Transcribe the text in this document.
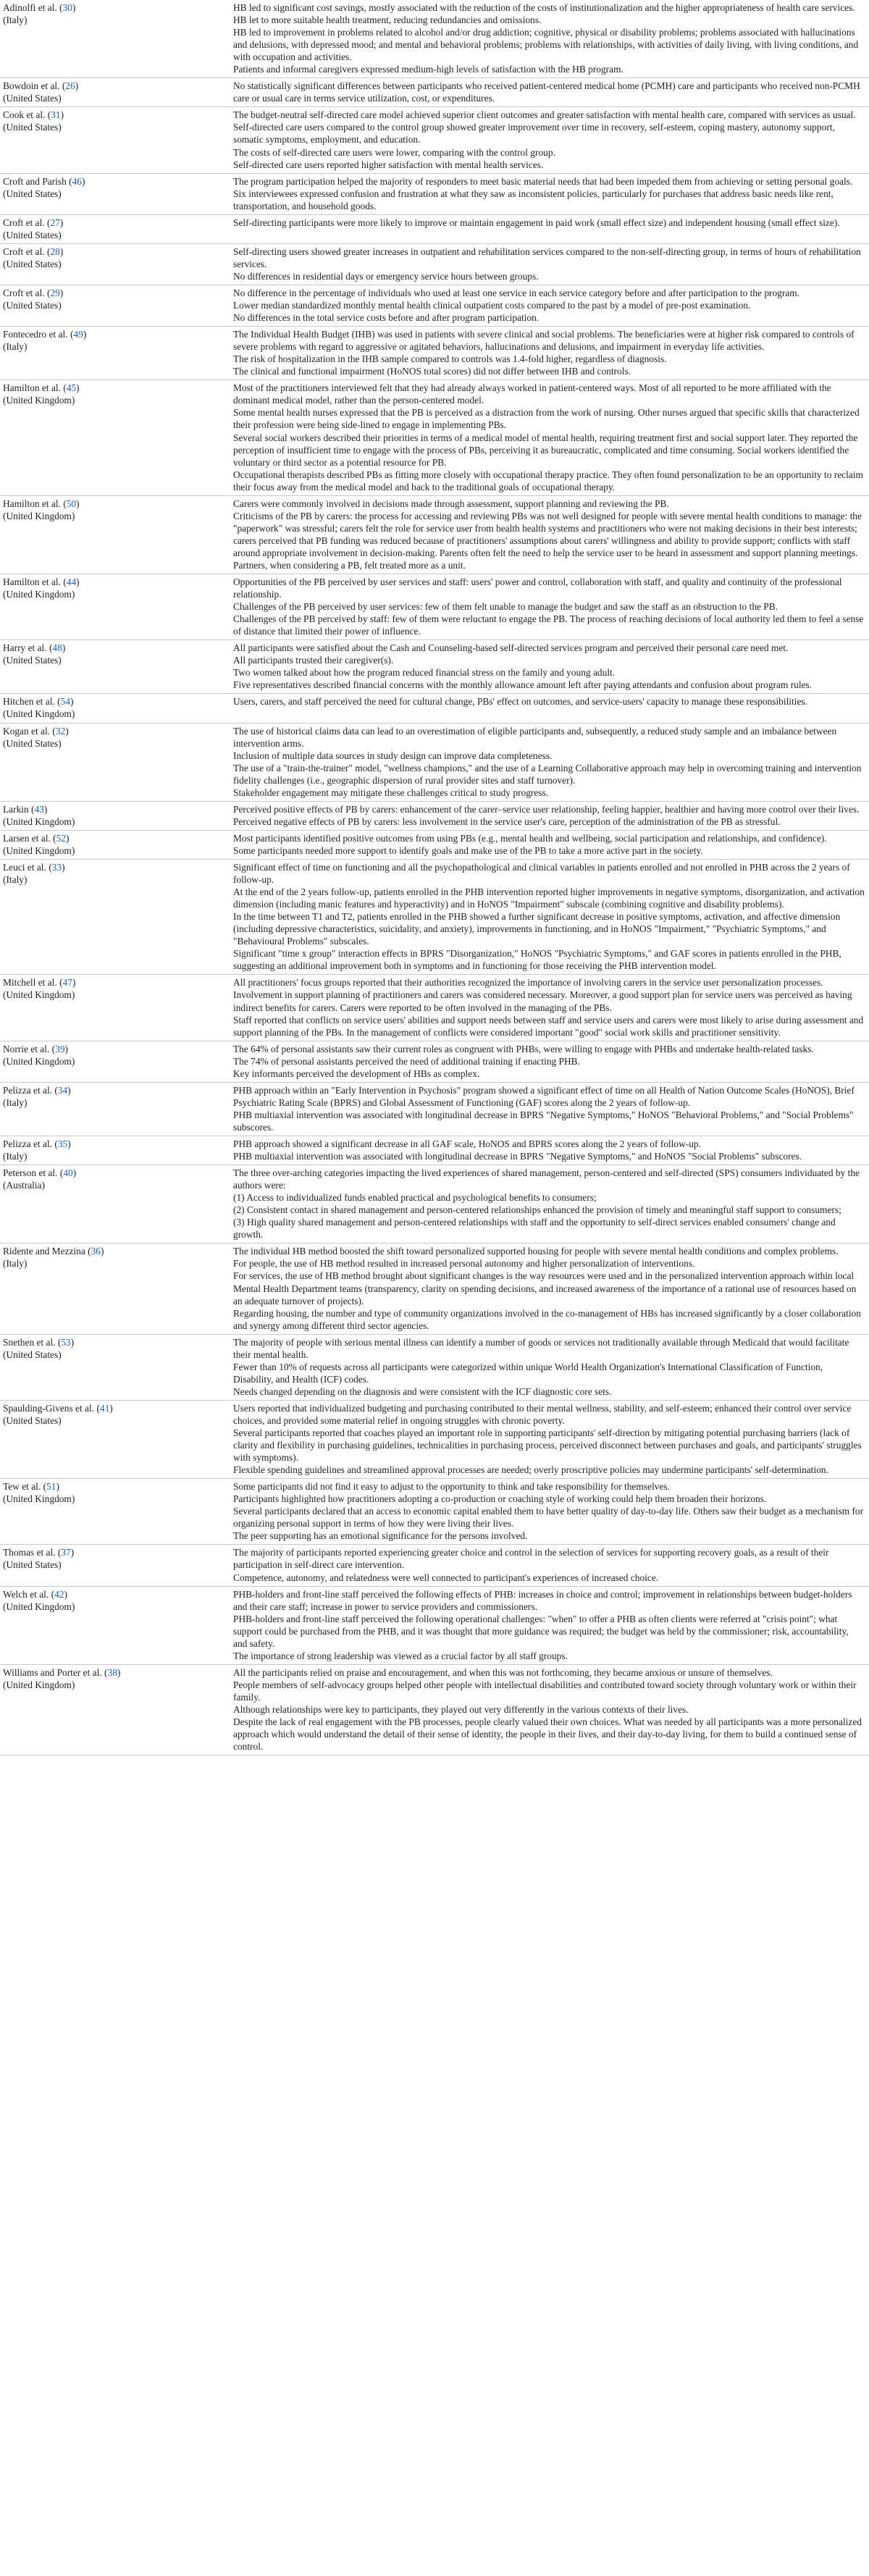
Adinolfi et al. (30)
(Italy)	HB led to significant cost savings, mostly associated with the reduction of the costs of institutionalization and the higher appropriateness of health care services. HB let to more suitable health treatment, reducing redundancies and omissions.
HB led to improvement in problems related to alcohol and/or drug addiction; cognitive, physical or disability problems; problems associated with hallucinations and delusions, with depressed mood; and mental and behavioral problems; problems with relationships, with activities of daily living, with living conditions, and with occupation and activities.
Patients and informal caregivers expressed medium-high levels of satisfaction with the HB program.

Bowdoin et al. (26)
(United States)	No statistically significant differences between participants who received patient-centered medical home (PCMH) care and participants who received non-PCMH care or usual care in terms service utilization, cost, or expenditures.

Cook et al. (31)
(United States)	The budget-neutral self-directed care model achieved superior client outcomes and greater satisfaction with mental health care, compared with services as usual. Self-directed care users compared to the control group showed greater improvement over time in recovery, self-esteem, coping mastery, autonomy support, somatic symptoms, employment, and education.
The costs of self-directed care users were lower, comparing with the control group.
Self-directed care users reported higher satisfaction with mental health services.

Croft and Parish (46)
(United States)	The program participation helped the majority of responders to meet basic material needs that had been impeded them from achieving or setting personal goals.
Six interviewees expressed confusion and frustration at what they saw as inconsistent policies, particularly for purchases that address basic needs like rent, transportation, and household goods.

Croft et al. (27)
(United States)	Self-directing participants were more likely to improve or maintain engagement in paid work (small effect size) and independent housing (small effect size).

Croft et al. (28)
(United States)	Self-directing users showed greater increases in outpatient and rehabilitation services compared to the non-self-directing group, in terms of hours of rehabilitation services.
No differences in residential days or emergency service hours between groups.

Croft et al. (29)
(United States)	No difference in the percentage of individuals who used at least one service in each service category before and after participation to the program.
Lower median standardized monthly mental health clinical outpatient costs compared to the past by a model of pre-post examination.
No differences in the total service costs before and after program participation.

Fontecedro et al. (49)
(Italy)	The Individual Health Budget (IHB) was used in patients with severe clinical and social problems. The beneficiaries were at higher risk compared to controls of severe problems with regard to aggressive or agitated behaviors, hallucinations and delusions, and impairment in everyday life activities.
The risk of hospitalization in the IHB sample compared to controls was 1.4-fold higher, regardless of diagnosis.
The clinical and functional impairment (HoNOS total scores) did not differ between IHB and controls.

Hamilton et al. (45)
(United Kingdom)	Most of the practitioners interviewed felt that they had already always worked in patient-centered ways. Most of all reported to be more affiliated with the dominant medical model, rather than the person-centered model.
Some mental health nurses expressed that the PB is perceived as a distraction from the work of nursing. Other nurses argued that specific skills that characterized their profession were being side-lined to engage in implementing PBs.
Several social workers described their priorities in terms of a medical model of mental health, requiring treatment first and social support later. They reported the perception of insufficient time to engage with the process of PBs, perceiving it as bureaucratic, complicated and time consuming. Social workers identified the voluntary or third sector as a potential resource for PB.
Occupational therapists described PBs as fitting more closely with occupational therapy practice. They often found personalization to be an opportunity to reclaim their focus away from the medical model and back to the traditional goals of occupational therapy.

Hamilton et al. (50)
(United Kingdom)	Carers were commonly involved in decisions made through assessment, support planning and reviewing the PB.
Criticisms of the PB by carers: the process for accessing and reviewing PBs was not well designed for people with severe mental health conditions to manage: the "paperwork" was stressful; carers felt the role for service user from health health systems and practitioners who were not making decisions in their best interests; carers perceived that PB funding was reduced because of practitioners' assumptions about carers' willingness and ability to provide support; conflicts with staff around appropriate involvement in decision-making. Parents often felt the need to help the service user to be heard in assessment and support planning meetings. Partners, when considering a PB, felt treated more as a unit.

Hamilton et al. (44)
(United Kingdom)	Opportunities of the PB perceived by user services and staff: users' power and control, collaboration with staff, and quality and continuity of the professional relationship.
Challenges of the PB perceived by user services: few of them felt unable to manage the budget and saw the staff as an obstruction to the PB.
Challenges of the PB perceived by staff: few of them were reluctant to engage the PB. The process of reaching decisions of local authority led them to feel a sense of distance that limited their power of influence.

Harry et al. (48)
(United States)	All participants were satisfied about the Cash and Counseling-based self-directed services program and perceived their personal care need met.
All participants trusted their caregiver(s).
Two women talked about how the program reduced financial stress on the family and young adult.
Five representatives described financial concerns with the monthly allowance amount left after paying attendants and confusion about program rules.

Hitchen et al. (54)
(United Kingdom)	Users, carers, and staff perceived the need for cultural change, PBs' effect on outcomes, and service-users' capacity to manage these responsibilities.

Kogan et al. (32)
(United States)	The use of historical claims data can lead to an overestimation of eligible participants and, subsequently, a reduced study sample and an imbalance between intervention arms.
Inclusion of multiple data sources in study design can improve data completeness.
The use of a "train-the-trainer" model, "wellness champions," and the use of a Learning Collaborative approach may help in overcoming training and intervention fidelity challenges (i.e., geographic dispersion of rural provider sites and staff turnover).
Stakeholder engagement may mitigate these challenges critical to study progress.

Larkin (43)
(United Kingdom)	Perceived positive effects of PB by carers: enhancement of the carer–service user relationship, feeling happier, healthier and having more control over their lives.
Perceived negative effects of PB by carers: less involvement in the service user's care, perception of the administration of the PB as stressful.

Larsen et al. (52)
(United Kingdom)	Most participants identified positive outcomes from using PBs (e.g., mental health and wellbeing, social participation and relationships, and confidence).
Some participants needed more support to identify goals and make use of the PB to take a more active part in the society.

Leuci et al. (33)
(Italy)	Significant effect of time on functioning and all the psychopathological and clinical variables in patients enrolled and not enrolled in PHB across the 2 years of follow-up.
At the end of the 2 years follow-up, patients enrolled in the PHB intervention reported higher improvements in negative symptoms, disorganization, and activation dimension (including manic features and hyperactivity) and in HoNOS "Impairment" subscale (combining cognitive and disability problems).
In the time between T1 and T2, patients enrolled in the PHB showed a further significant decrease in positive symptoms, activation, and affective dimension (including depressive characteristics, suicidality, and anxiety), improvements in functioning, and in HoNOS "Impairment," "Psychiatric Symptoms," and "Behavioural Problems" subscales.
Significant "time x group" interaction effects in BPRS "Disorganization," HoNOS "Psychiatric Symptoms," and GAF scores in patients enrolled in the PHB, suggesting an additional improvement both in symptoms and in functioning for those receiving the PHB intervention model.

Mitchell et al. (47)
(United Kingdom)	All practitioners' focus groups reported that their authorities recognized the importance of involving carers in the service user personalization processes. Involvement in support planning of practitioners and carers was considered necessary. Moreover, a good support plan for service users was perceived as having indirect benefits for carers. Carers were reported to be often involved in the managing of the PBs.
Staff reported that conflicts on service users' abilities and support needs between staff and service users and carers were most likely to arise during assessment and support planning of the PBs. In the management of conflicts were considered important "good" social work skills and practitioner sensitivity.

Norrie et al. (39)
(United Kingdom)	The 64% of personal assistants saw their current roles as congruent with PHBs, were willing to engage with PHBs and undertake health-related tasks.
The 74% of personal assistants perceived the need of additional training if enacting PHB.
Key informants perceived the development of HBs as complex.

Pelizza et al. (34)
(Italy)	PHB approach within an "Early Intervention in Psychosis" program showed a significant effect of time on all Health of Nation Outcome Scales (HoNOS), Brief Psychiatric Rating Scale (BPRS) and Global Assessment of Functioning (GAF) scores along the 2 years of follow-up.
PHB multiaxial intervention was associated with longitudinal decrease in BPRS "Negative Symptoms," HoNOS "Behavioral Problems," and "Social Problems" subscores.

Pelizza et al. (35)
(Italy)	PHB approach showed a significant decrease in all GAF scale, HoNOS and BPRS scores along the 2 years of follow-up.
PHB multiaxial intervention was associated with longitudinal decrease in BPRS "Negative Symptoms," and HoNOS "Social Problems" subscores.

Peterson et al. (40)
(Australia)	The three over-arching categories impacting the lived experiences of shared management, person-centered and self-directed (SPS) consumers individuated by the authors were:
(1) Access to individualized funds enabled practical and psychological benefits to consumers;
(2) Consistent contact in shared management and person-centered relationships enhanced the provision of timely and meaningful staff support to consumers;
(3) High quality shared management and person-centered relationships with staff and the opportunity to self-direct services enabled consumers' change and growth.

Ridente and Mezzina (36)
(Italy)	The individual HB method boosted the shift toward personalized supported housing for people with severe mental health conditions and complex problems.
For people, the use of HB method resulted in increased personal autonomy and higher personalization of interventions.
For services, the use of HB method brought about significant changes is the way resources were used and in the personalized intervention approach within local Mental Health Department teams (transparency, clarity on spending decisions, and increased awareness of the importance of a rational use of resources based on an adequate turnover of projects).
Regarding housing, the number and type of community organizations involved in the co-management of HBs has increased significantly by a closer collaboration and synergy among different third sector agencies.

Snethen et al. (53)
(United States)	The majority of people with serious mental illness can identify a number of goods or services not traditionally available through Medicaid that would facilitate their mental health.
Fewer than 10% of requests across all participants were categorized within unique World Health Organization's International Classification of Function, Disability, and Health (ICF) codes.
Needs changed depending on the diagnosis and were consistent with the ICF diagnostic core sets.

Spaulding-Givens et al. (41)
(United States)	Users reported that individualized budgeting and purchasing contributed to their mental wellness, stability, and self-esteem; enhanced their control over service choices, and provided some material relief in ongoing struggles with chronic poverty.
Several participants reported that coaches played an important role in supporting participants' self-direction by mitigating potential purchasing barriers (lack of clarity and flexibility in purchasing guidelines, technicalities in purchasing process, perceived disconnect between purchases and goals, and participants' struggles with symptoms).
Flexible spending guidelines and streamlined approval processes are needed; overly proscriptive policies may undermine participants' self-determination.

Tew et al. (51)
(United Kingdom)	Some participants did not find it easy to adjust to the opportunity to think and take responsibility for themselves.
Participants highlighted how practitioners adopting a co-production or coaching style of working could help them broaden their horizons.
Several participants declared that an access to economic capital enabled them to have better quality of day-to-day life. Others saw their budget as a mechanism for organizing personal support in terms of how they were living their lives.
The peer supporting has an emotional significance for the persons involved.

Thomas et al. (37)
(United States)	The majority of participants reported experiencing greater choice and control in the selection of services for supporting recovery goals, as a result of their participation in self-direct care intervention.
Competence, autonomy, and relatedness were well connected to participant's experiences of increased choice.

Welch et al. (42)
(United Kingdom)	PHB-holders and front-line staff perceived the following effects of PHB: increases in choice and control; improvement in relationships between budget-holders and their care staff; increase in power to service providers and commissioners.
PHB-holders and front-line staff perceived the following operational challenges: "when" to offer a PHB as often clients were referred at "crisis point"; what support could be purchased from the PHB, and it was thought that more guidance was required; the budget was held by the commissioner; risk, accountability, and safety.
The importance of strong leadership was viewed as a crucial factor by all staff groups.

Williams and Porter et al. (38)
(United Kingdom)	All the participants relied on praise and encouragement, and when this was not forthcoming, they became anxious or unsure of themselves.
People members of self-advocacy groups helped other people with intellectual disabilities and contributed toward society through voluntary work or within their family.
Although relationships were key to participants, they played out very differently in the various contexts of their lives.
Despite the lack of real engagement with the PB processes, people clearly valued their own choices. What was needed by all participants was a more personalized approach which would understand the detail of their sense of identity, the people in their lives, and their day-to-day living, for them to build a continued sense of control.
